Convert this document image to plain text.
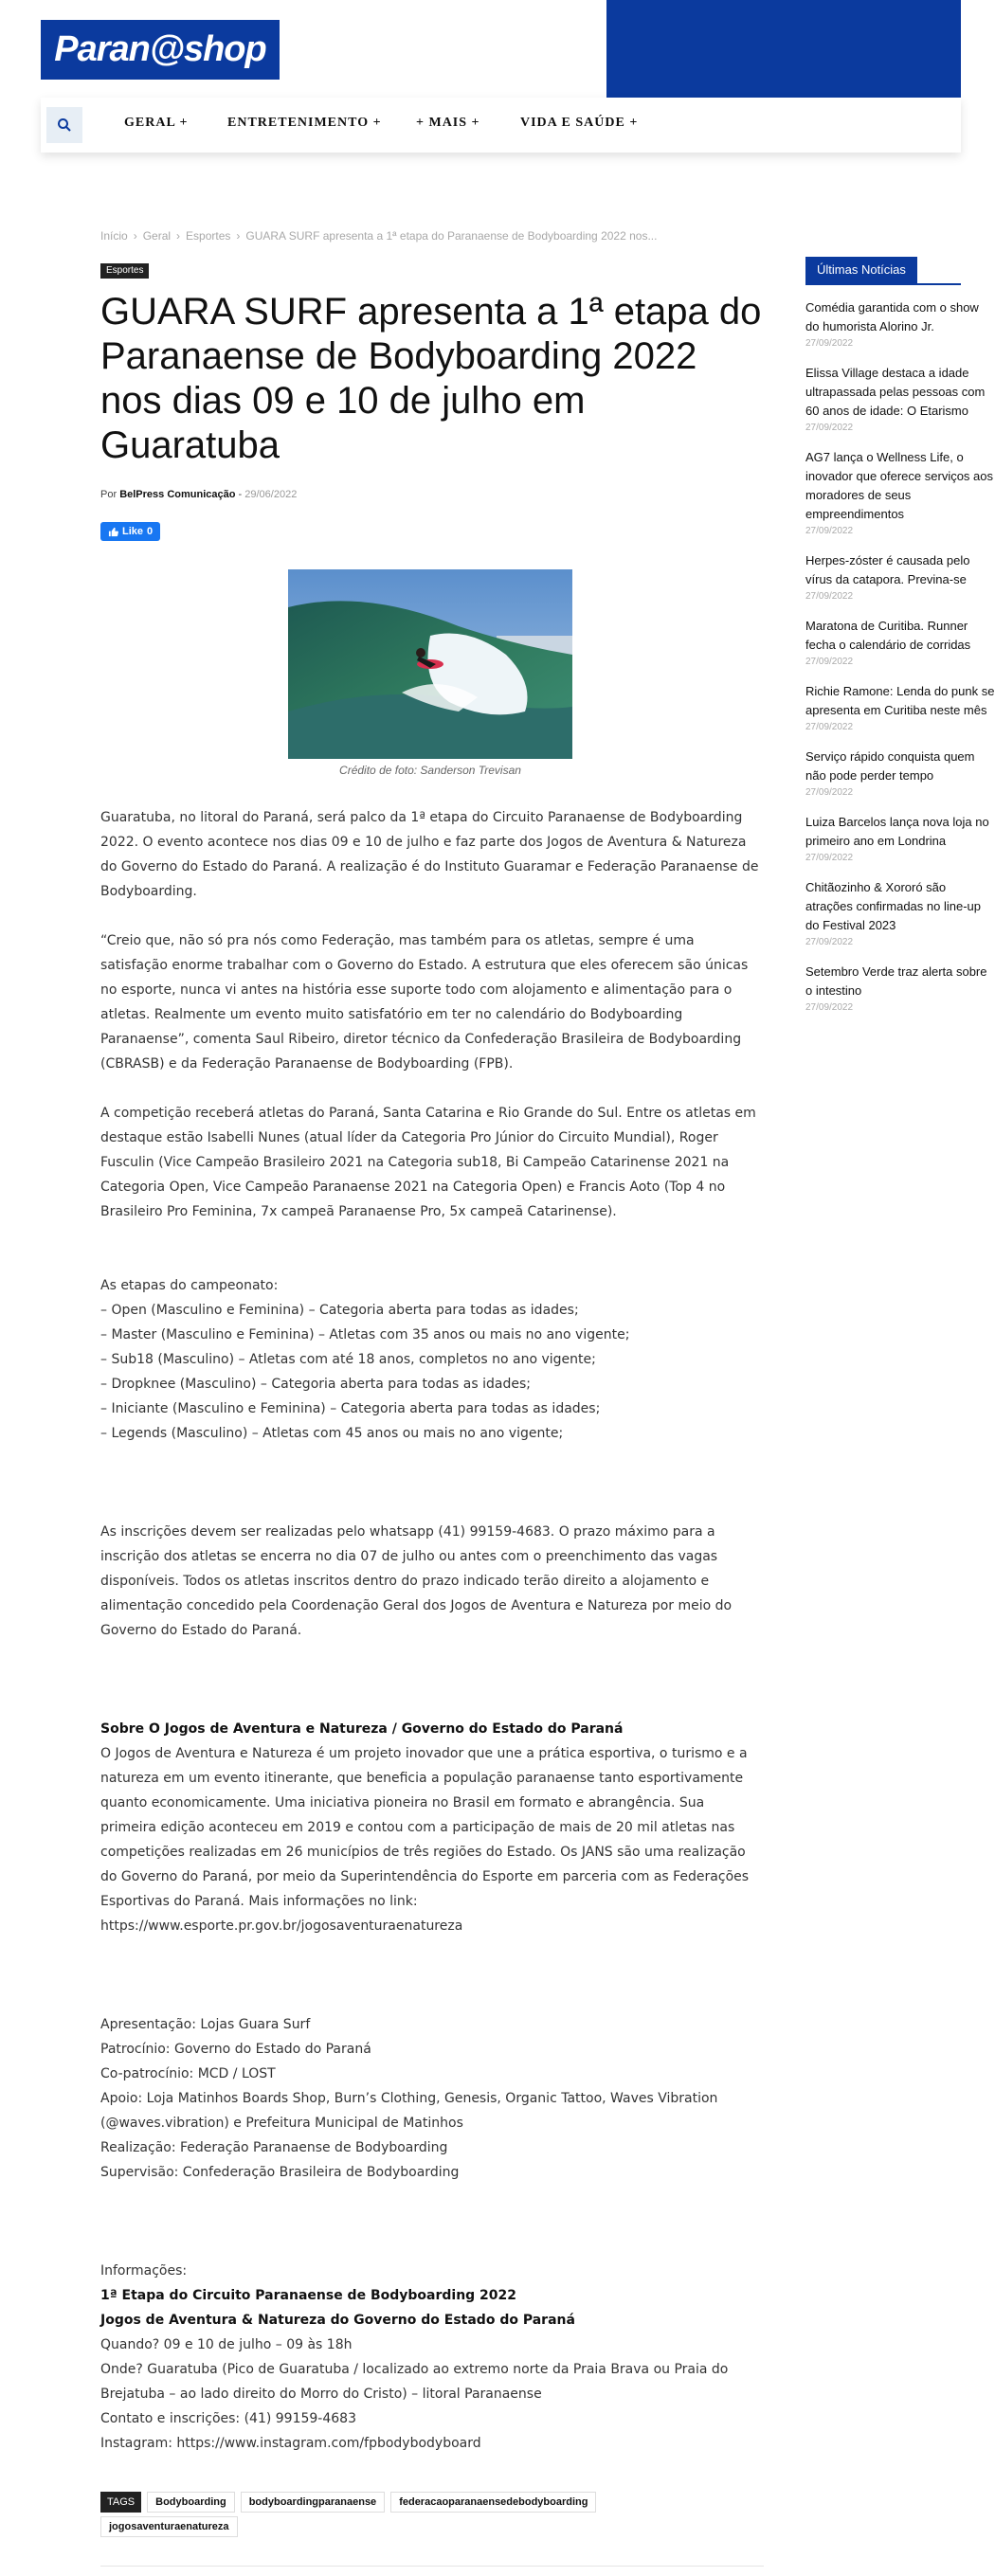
Paran@shop
GERAL +	ENTRETENIMENTO +	+ MAIS +	VIDA E SAÚDE +
Início › Geral › Esportes › GUARA SURF apresenta a 1ª etapa do Paranaense de Bodyboarding 2022 nos...
Esportes
GUARA SURF apresenta a 1ª etapa do Paranaense de Bodyboarding 2022 nos dias 09 e 10 de julho em Guaratuba
Por BelPress Comunicação - 29/06/2022
Like 0
Crédito de foto: Sanderson Trevisan

Guaratuba, no litoral do Paraná, será palco da 1ª etapa do Circuito Paranaense de Bodyboarding 2022. O evento acontece nos dias 09 e 10 de julho e faz parte dos Jogos de Aventura & Natureza do Governo do Estado do Paraná. A realização é do Instituto Guaramar e Federação Paranaense de Bodyboarding.

“Creio que, não só pra nós como Federação, mas também para os atletas, sempre é uma satisfação enorme trabalhar com o Governo do Estado. A estrutura que eles oferecem são únicas no esporte, nunca vi antes na história esse suporte todo com alojamento e alimentação para o atletas. Realmente um evento muito satisfatório em ter no calendário do Bodyboarding Paranaense”, comenta Saul Ribeiro, diretor técnico da Confederação Brasileira de Bodyboarding (CBRASB) e da Federação Paranaense de Bodyboarding (FPB).

A competição receberá atletas do Paraná, Santa Catarina e Rio Grande do Sul. Entre os atletas em destaque estão Isabelli Nunes (atual líder da Categoria Pro Júnior do Circuito Mundial), Roger Fusculin (Vice Campeão Brasileiro 2021 na Categoria sub18, Bi Campeão Catarinense 2021 na Categoria Open, Vice Campeão Paranaense 2021 na Categoria Open) e Francis Aoto (Top 4 no Brasileiro Pro Feminina, 7x campeã Paranaense Pro, 5x campeã Catarinense).

As etapas do campeonato:
– Open (Masculino e Feminina) – Categoria aberta para todas as idades;
– Master (Masculino e Feminina) – Atletas com 35 anos ou mais no ano vigente;
– Sub18 (Masculino) – Atletas com até 18 anos, completos no ano vigente;
– Dropknee (Masculino) – Categoria aberta para todas as idades;
– Iniciante (Masculino e Feminina) – Categoria aberta para todas as idades;
– Legends (Masculino) – Atletas com 45 anos ou mais no ano vigente;

As inscrições devem ser realizadas pelo whatsapp (41) 99159-4683. O prazo máximo para a inscrição dos atletas se encerra no dia 07 de julho ou antes com o preenchimento das vagas disponíveis. Todos os atletas inscritos dentro do prazo indicado terão direito a alojamento e alimentação concedido pela Coordenação Geral dos Jogos de Aventura e Natureza por meio do Governo do Estado do Paraná.

Sobre O Jogos de Aventura e Natureza / Governo do Estado do Paraná

O Jogos de Aventura e Natureza é um projeto inovador que une a prática esportiva, o turismo e a natureza em um evento itinerante, que beneficia a população paranaense tanto esportivamente quanto economicamente. Uma iniciativa pioneira no Brasil em formato e abrangência. Sua primeira edição aconteceu em 2019 e contou com a participação de mais de 20 mil atletas nas competições realizadas em 26 municípios de três regiões do Estado. Os JANS são uma realização do Governo do Paraná, por meio da Superintendência do Esporte em parceria com as Federações Esportivas do Paraná. Mais informações no link: https://www.esporte.pr.gov.br/jogosaventuraenatureza

Apresentação: Lojas Guara Surf
Patrocínio: Governo do Estado do Paraná
Co-patrocínio: MCD / LOST
Apoio: Loja Matinhos Boards Shop, Burn’s Clothing, Genesis, Organic Tattoo, Waves Vibration (@waves.vibration) e Prefeitura Municipal de Matinhos
Realização: Federação Paranaense de Bodyboarding
Supervisão: Confederação Brasileira de Bodyboarding

Informações:

1ª Etapa do Circuito Paranaense de Bodyboarding 2022

Jogos de Aventura & Natureza do Governo do Estado do Paraná

Quando? 09 e 10 de julho – 09 às 18h
Onde? Guaratuba (Pico de Guaratuba / localizado ao extremo norte da Praia Brava ou Praia do Brejatuba – ao lado direito do Morro do Cristo) – litoral Paranaense
Contato e inscrições: (41) 99159-4683
Instagram: https://www.instagram.com/fpbodybodyboard

Últimas Notícias
Comédia garantida com o show do humorista Alorino Jr.
27/09/2022
Elissa Village destaca a idade ultrapassada pelas pessoas com 60 anos de idade: O Etarismo
27/09/2022
AG7 lança o Wellness Life, o inovador que oferece serviços aos moradores de seus empreendimentos
27/09/2022
Herpes-zóster é causada pelo vírus da catapora. Previna-se
27/09/2022
Maratona de Curitiba. Runner fecha o calendário de corridas
27/09/2022
Richie Ramone: Lenda do punk se apresenta em Curitiba neste mês
27/09/2022
Serviço rápido conquista quem não pode perder tempo
27/09/2022
Luiza Barcelos lança nova loja no primeiro ano em Londrina
27/09/2022
Chitãozinho & Xororó são atrações confirmadas no line-up do Festival 2023
27/09/2022
Setembro Verde traz alerta sobre o intestino
27/09/2022
TAGS Bodyboarding bodyboardingparanaense federacaoparanaensedebodyboarding
jogosaventuraenatureza
